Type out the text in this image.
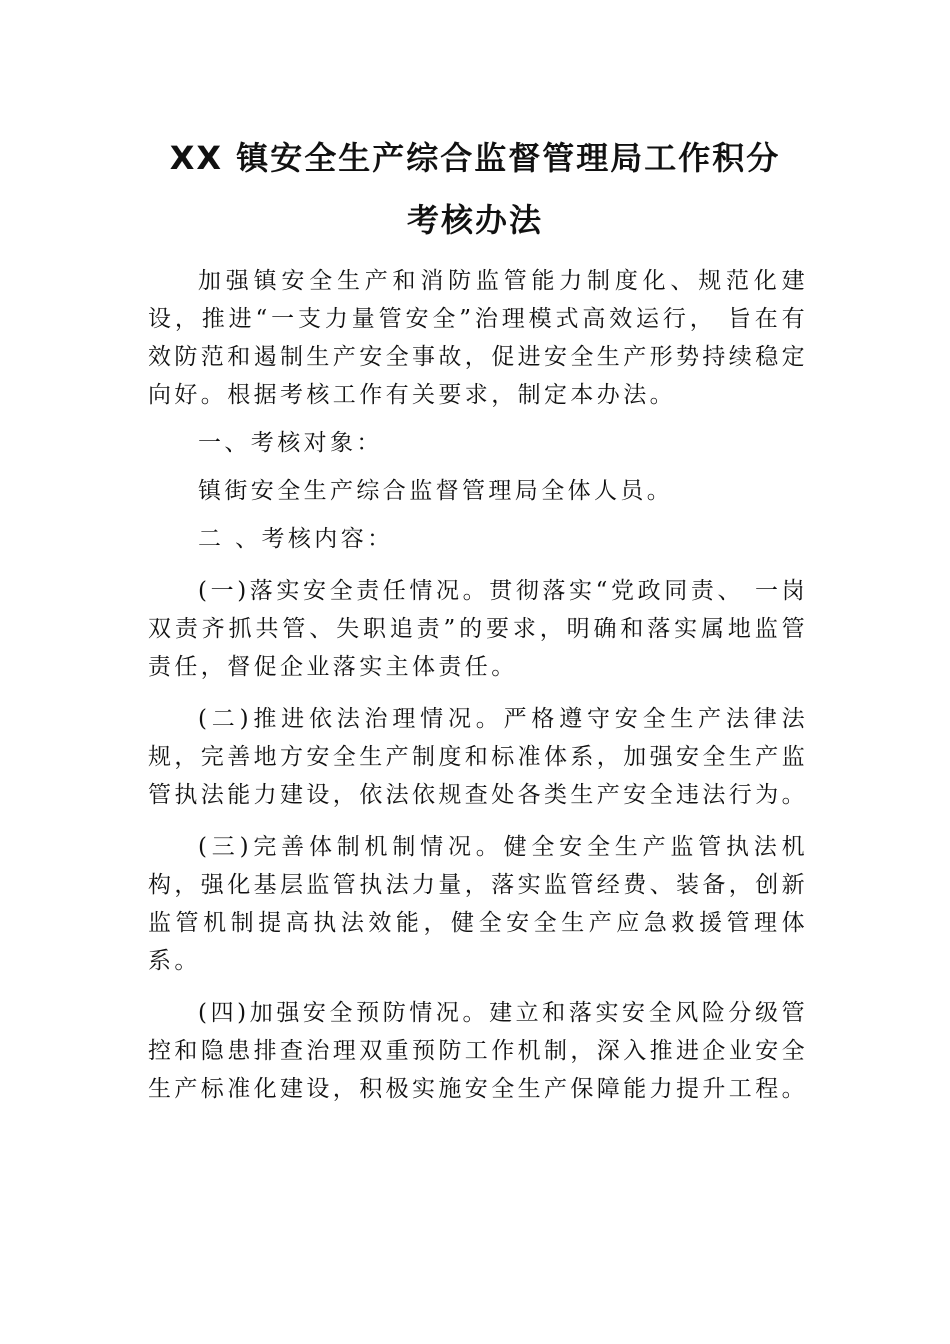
XX 镇安全生产综合监督管理局工作积分
考核办法

加强镇安全生产和消防监管能力制度化、规范化建设，推进“一支力量管安全”治理模式高效运行， 旨在有效防范和遏制生产安全事故，促进安全生产形势持续稳定向好。根据考核工作有关要求，制定本办法。

一、考核对象：

镇街安全生产综合监督管理局全体人员。

二 、考核内容：

(一)落实安全责任情况。贯彻落实“党政同责、 一岗双责齐抓共管、失职追责”的要求，明确和落实属地监管责任，督促企业落实主体责任。

(二)推进依法治理情况。严格遵守安全生产法律法规，完善地方安全生产制度和标准体系，加强安全生产监管执法能力建设，依法依规查处各类生产安全违法行为。

(三)完善体制机制情况。健全安全生产监管执法机构，强化基层监管执法力量，落实监管经费、装备，创新监管机制提高执法效能，健全安全生产应急救援管理体系。

(四)加强安全预防情况。建立和落实安全风险分级管控和隐患排查治理双重预防工作机制，深入推进企业安全生产标准化建设，积极实施安全生产保障能力提升工程。
